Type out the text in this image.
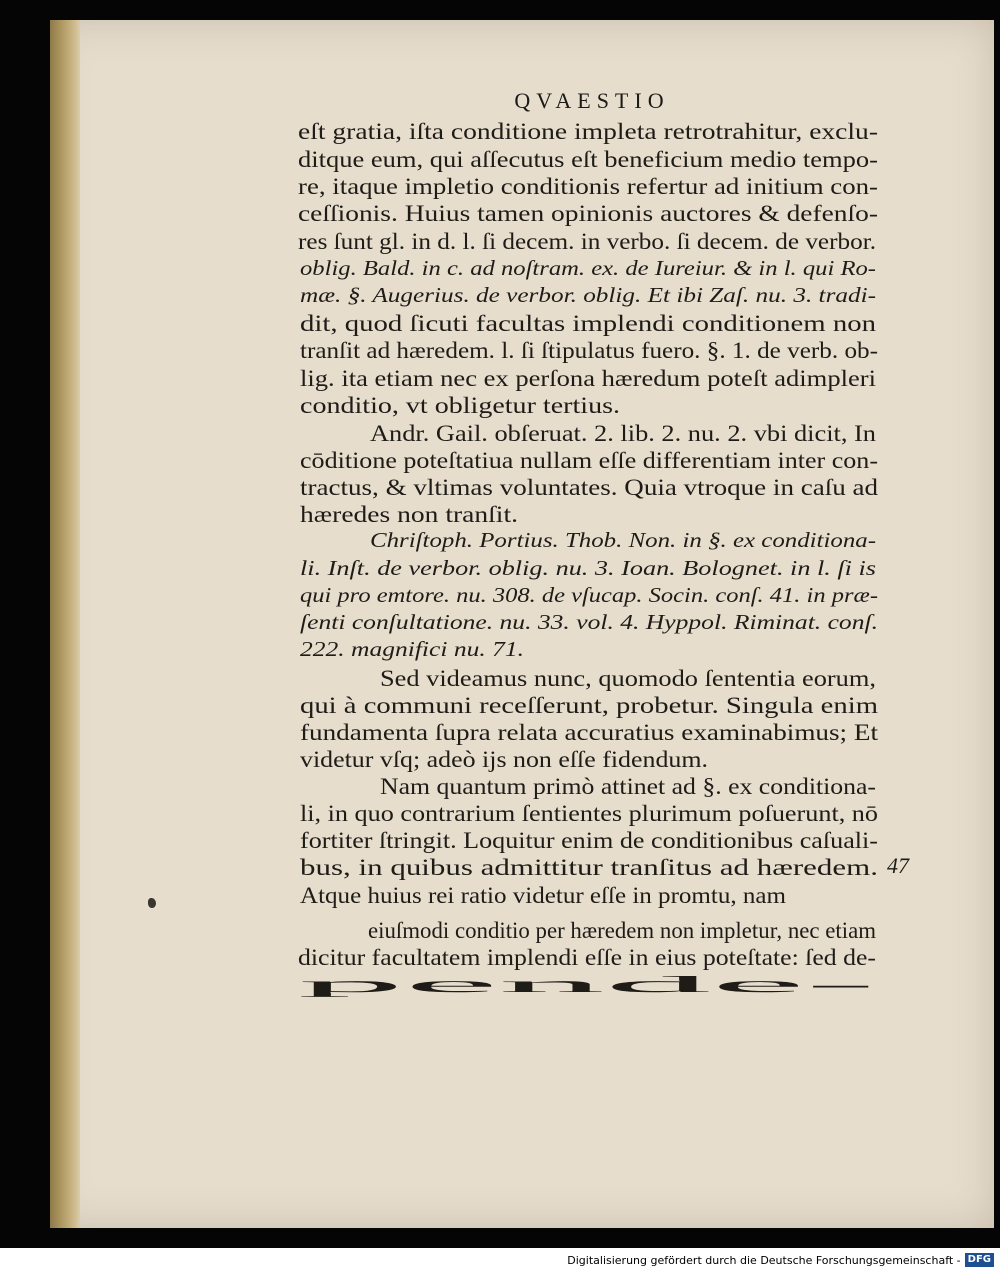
QVAESTIO
eſt gratia, iſta conditione impleta retrotrahitur, exclu-
ditque eum, qui aſſecutus eſt beneficium medio tempo-
re, itaque impletio conditionis refertur ad initium con-
ceſſionis. Huius tamen opinionis auctores & defenſo-
res ſunt gl. in d. l. ſi decem. in verbo. ſi decem. de verbor.
oblig. Bald. in c. ad noſtram. ex. de Iureiur. & in l. qui Ro-
mæ. §. Augerius. de verbor. oblig. Et ibi Zaſ. nu. 3. tradi-
dit, quod ſicuti facultas implendi conditionem non
tranſit ad hæredem. l. ſi ſtipulatus fuero. §. 1. de verb. ob-
lig. ita etiam nec ex perſona hæredum poteſt adimpleri
conditio, vt obligetur tertius.
Andr. Gail. obſeruat. 2. lib. 2. nu. 2. vbi dicit, In
cōditione poteſtatiua nullam eſſe differentiam inter con-
tractus, & vltimas voluntates. Quia vtroque in caſu ad
hæredes non tranſit.
Chriſtoph. Portius. Thob. Non. in §. ex conditiona-
li. Inſt. de verbor. oblig. nu. 3. Ioan. Bolognet. in l. ſi is
qui pro emtore. nu. 308. de vſucap. Socin. conſ. 41. in præ-
ſenti conſultatione. nu. 33. vol. 4. Hyppol. Riminat. conſ.
222. magnifici nu. 71.
Sed videamus nunc, quomodo ſententia eorum,
qui à communi receſſerunt, probetur. Singula enim
fundamenta ſupra relata accuratius examinabimus; Et
videtur vſq; adeò ijs non eſſe fidendum.
Nam quantum primò attinet ad §. ex conditiona-
li, in quo contrarium ſentientes plurimum poſuerunt, nō
fortiter ſtringit. Loquitur enim de conditionibus caſuali-
bus, in quibus admittitur tranſitus ad hæredem.
Atque huius rei ratio videtur eſſe in promtu, nam
eiuſmodi conditio per hæredem non impletur, nec etiam
dicitur facultatem implendi eſſe in eius poteſtate: ſed de-
pende-
47
Digitalisierung gefördert durch die Deutsche Forschungsgemeinschaft - DFG
